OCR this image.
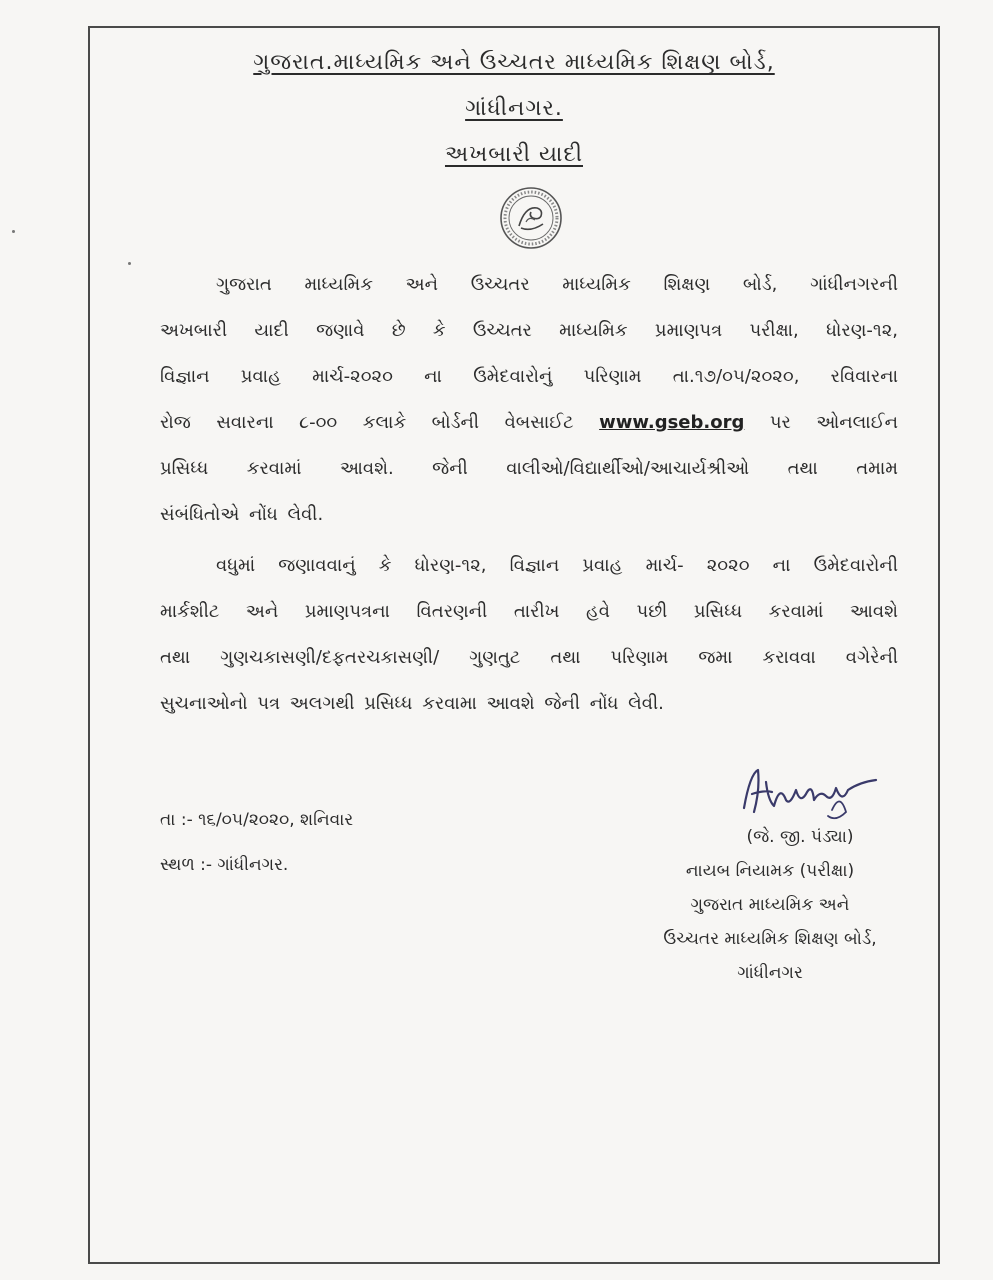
ગુજરાત.માધ્યમિક અને ઉચ્ચતર માધ્યમિક શિક્ષણ બોર્ડ,
ગાંધીનગર.
અખબારી યાદી
ગુજરાત માધ્યમિક અને ઉચ્ચતર માધ્યમિક શિક્ષણ બોર્ડ, ગાંધીનગરની
અખબારી યાદી જણાવે છે કે ઉચ્ચતર માધ્યમિક પ્રમાણપત્ર પરીક્ષા, ધોરણ-૧૨,
વિજ્ઞાન પ્રવાહ માર્ચ-૨૦૨૦ ના ઉમેદવારોનું પરિણામ તા.૧૭/૦૫/૨૦૨૦, રવિવારના
રોજ સવારના ૮-૦૦ કલાકે બોર્ડની વેબસાઈટ www.gseb.org પર ઓનલાઈન
પ્રસિધ્ધ કરવામાં આવશે. જેની વાલીઓ/વિદ્યાર્થીઓ/આચાર્યશ્રીઓ તથા તમામ
સંબંધિતોએ નોંધ લેવી.
વધુમાં જણાવવાનું કે ધોરણ-૧૨, વિજ્ઞાન પ્રવાહ માર્ચ- ૨૦૨૦ ના ઉમેદવારોની
માર્કશીટ અને પ્રમાણપત્રના વિતરણની તારીખ હવે પછી પ્રસિધ્ધ કરવામાં આવશે
તથા ગુણચકાસણી/દફતરચકાસણી/ ગુણતુટ તથા પરિણામ જમા કરાવવા વગેરેની
સુચનાઓનો પત્ર અલગથી પ્રસિધ્ધ કરવામા આવશે જેની નોંધ લેવી.
તા :- ૧૬/૦૫/૨૦૨૦, શનિવાર
સ્થળ :- ગાંધીનગર.
(જે. જી. પંડ્યા)
નાયબ નિયામક (પરીક્ષા)
ગુજરાત માધ્યમિક અને
ઉચ્ચતર માધ્યમિક શિક્ષણ બોર્ડ,
ગાંધીનગર
